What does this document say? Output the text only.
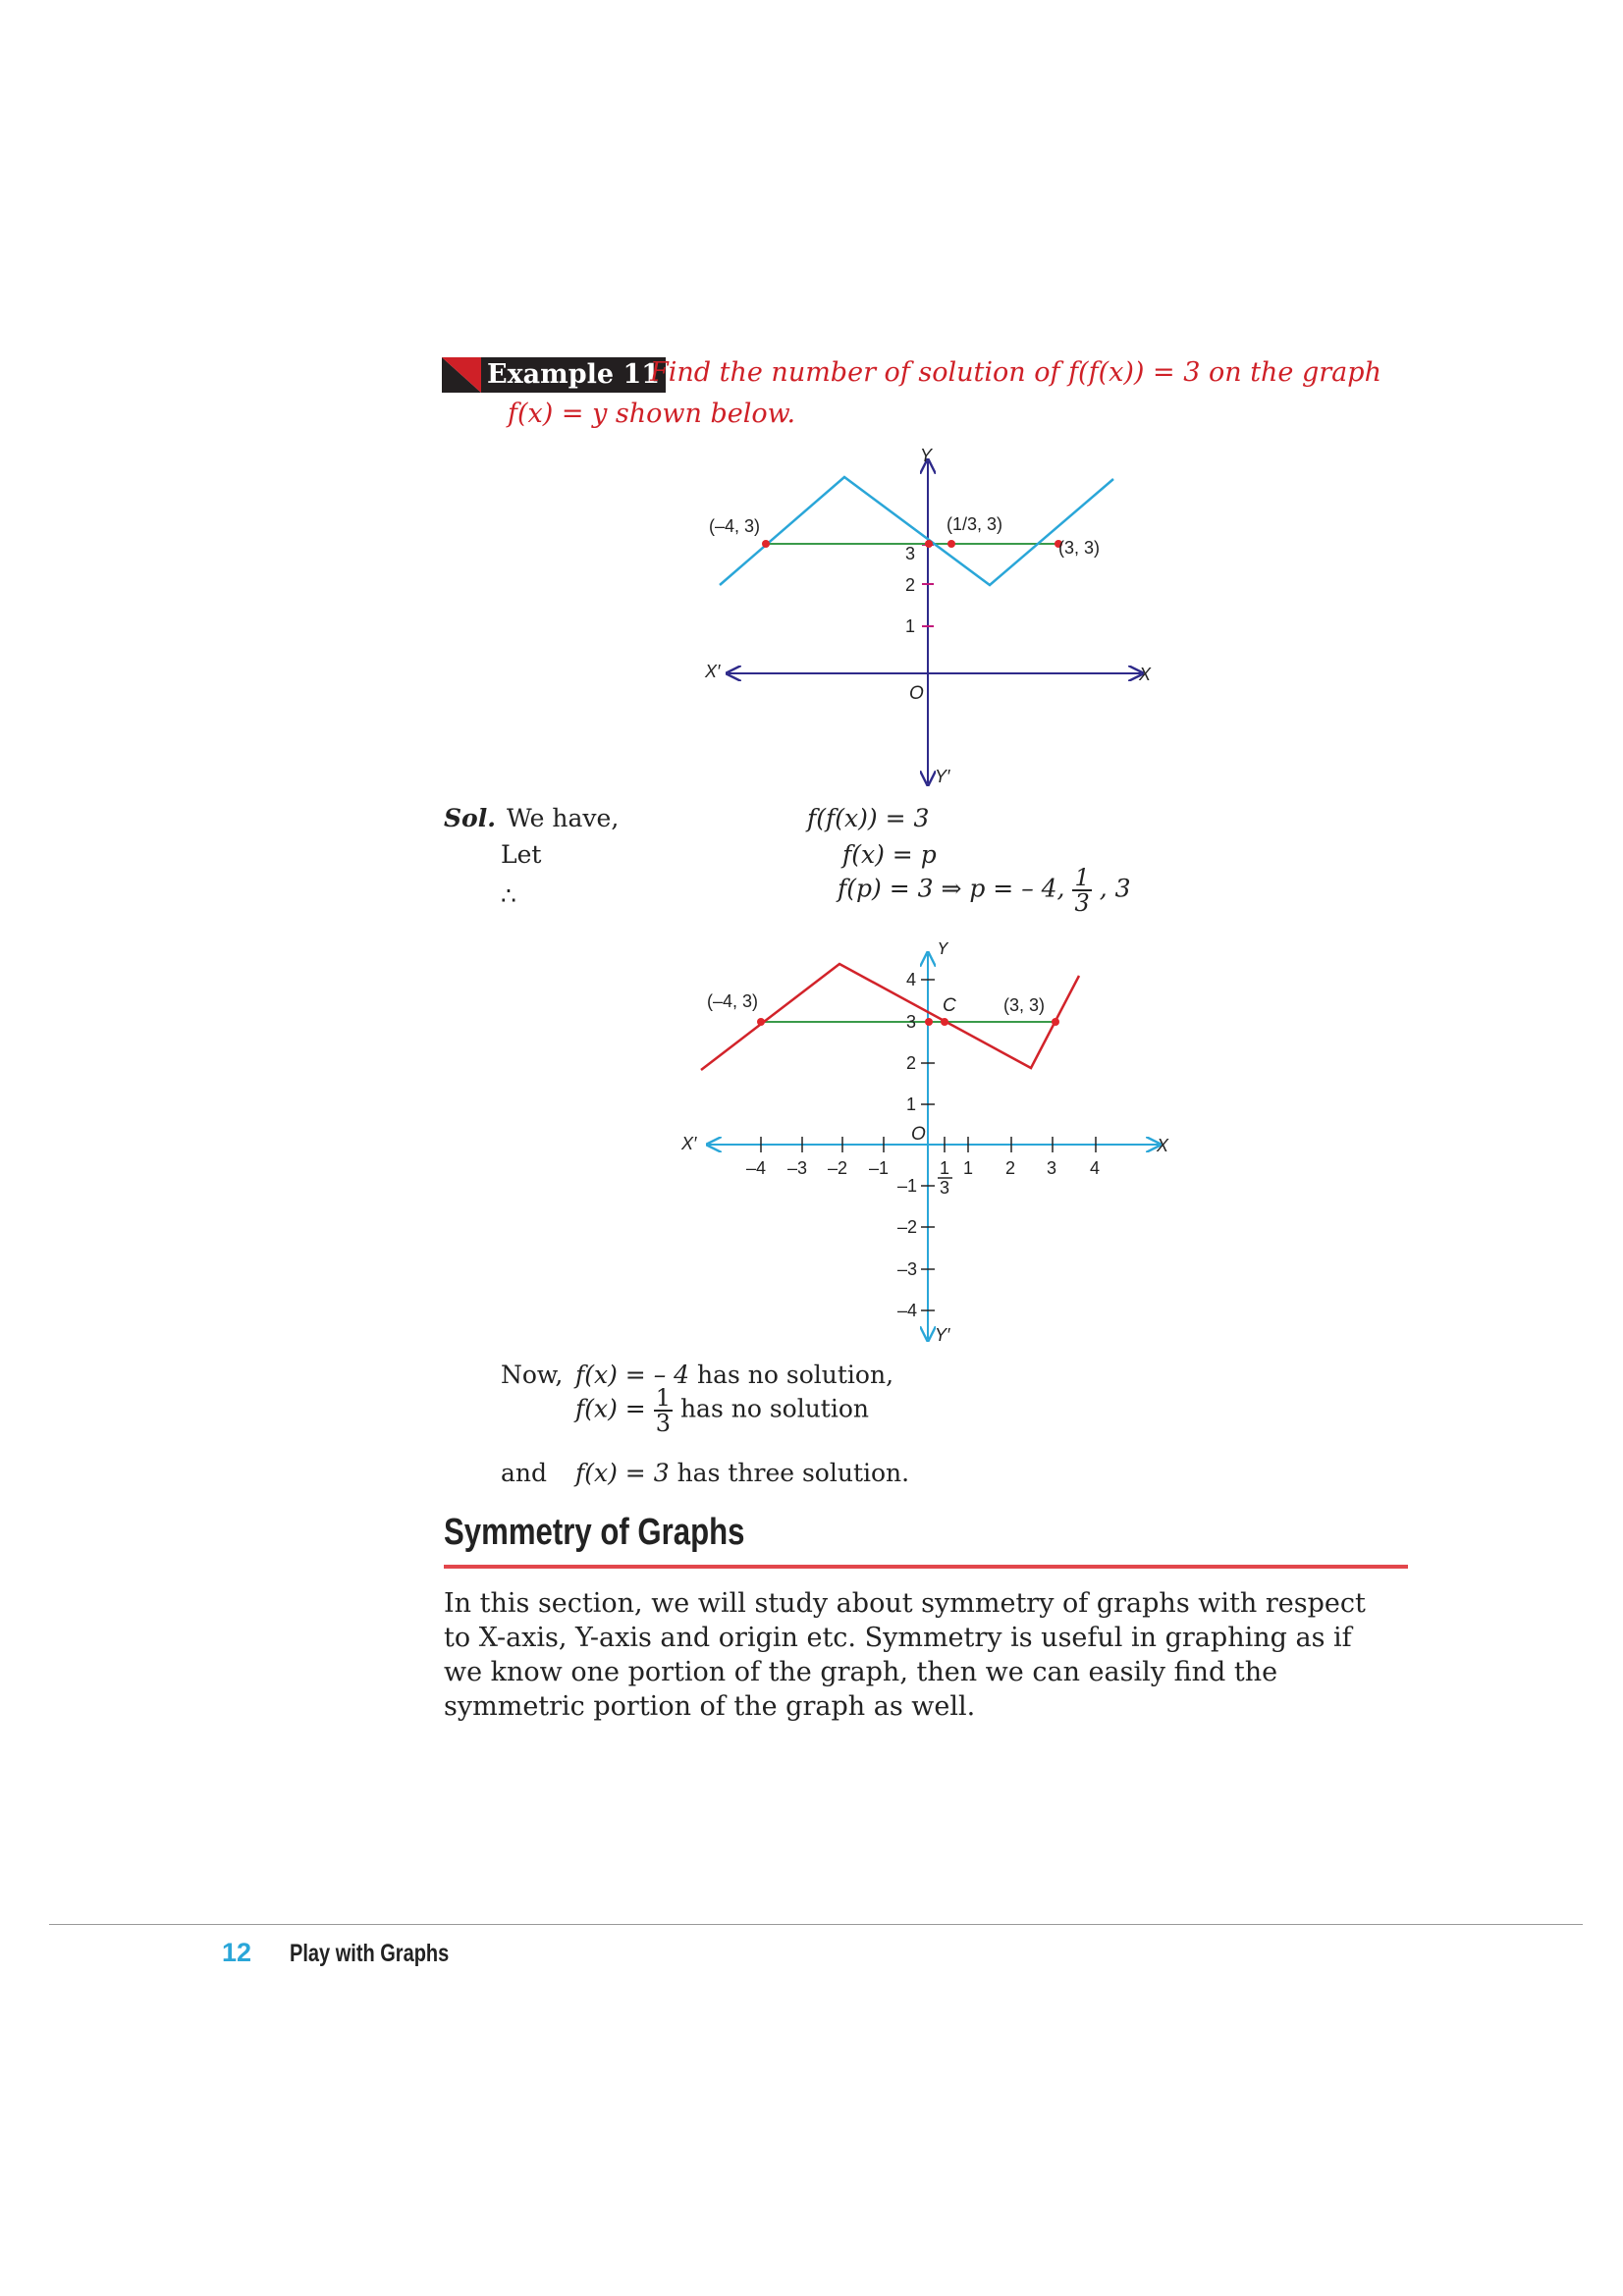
Example 11
Find the number of solution of f(f(x)) = 3 on the graph
f(x) = y shown below.
Y
Y′
X
X′
O
3
2
1
(–4, 3)	(1/3, 3)
(3, 3)
Sol. We have,
Let
∴
f(f(x)) = 3
f(x) = p
f(p) = 3 ⇒ p = – 4, $\frac{1}{3}$ , 3
Y
Y′
X
X′	O
C
(–4, 3)	(3, 3)
–4 –3 –2 –1	1 2 3 4
1
3
4
3
2
1
–1
–2
–3
–4
Now, f(x) = – 4 has no solution,
$f(x) = \frac{1}{3}$ has no solution
and f(x) = 3 has three solution.
Symmetry of Graphs
In this section, we will study about symmetry of graphs with respect to X-axis, Y-axis and origin etc. Symmetry is useful in graphing as if we know one portion of the graph, then we can easily find the symmetric portion of the graph as well.
12 Play with Graphs
